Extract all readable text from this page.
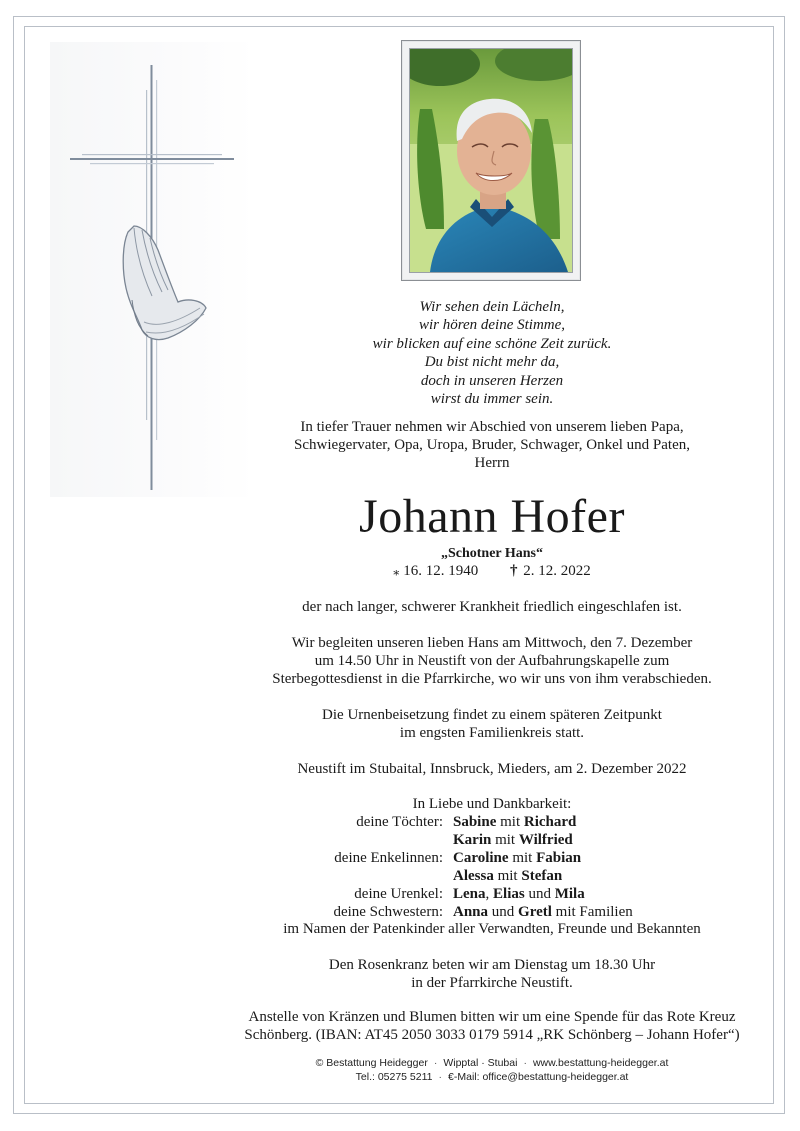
Wir sehen dein Lächeln,
wir hören deine Stimme,
wir blicken auf eine schöne Zeit zurück.
Du bist nicht mehr da,
doch in unseren Herzen
wirst du immer sein.
In tiefer Trauer nehmen wir Abschied von unserem lieben Papa,
Schwiegervater, Opa, Uropa, Bruder, Schwager, Onkel und Paten,
Herrn
Johann Hofer
„Schotner Hans“
⁎ 16. 12. 1940 † 2. 12. 2022
der nach langer, schwerer Krankheit friedlich eingeschlafen ist.
Wir begleiten unseren lieben Hans am Mittwoch, den 7. Dezember
um 14.50 Uhr in Neustift von der Aufbahrungskapelle zum
Sterbegottesdienst in die Pfarrkirche, wo wir uns von ihm verabschieden.
Die Urnenbeisetzung findet zu einem späteren Zeitpunkt
im engsten Familienkreis statt.
Neustift im Stubaital, Innsbruck, Mieders, am 2. Dezember 2022
In Liebe und Dankbarkeit:
deine Töchter: Sabine mit Richard
Karin mit Wilfried
deine Enkelinnen: Caroline mit Fabian
Alessa mit Stefan
deine Urenkel: Lena, Elias und Mila
deine Schwestern: Anna und Gretl mit Familien
im Namen der Patenkinder aller Verwandten, Freunde und Bekannten
Den Rosenkranz beten wir am Dienstag um 18.30 Uhr
in der Pfarrkirche Neustift.
Anstelle von Kränzen und Blumen bitten wir um eine Spende für das Rote Kreuz
Schönberg. (IBAN: AT45 2050 3033 0179 5914 „RK Schönberg – Johann Hofer“)
© Bestattung Heidegger · Wipptal · Stubai · www.bestattung-heidegger.at
Tel.: 05275 5211 · €-Mail: office@bestattung-heidegger.at
